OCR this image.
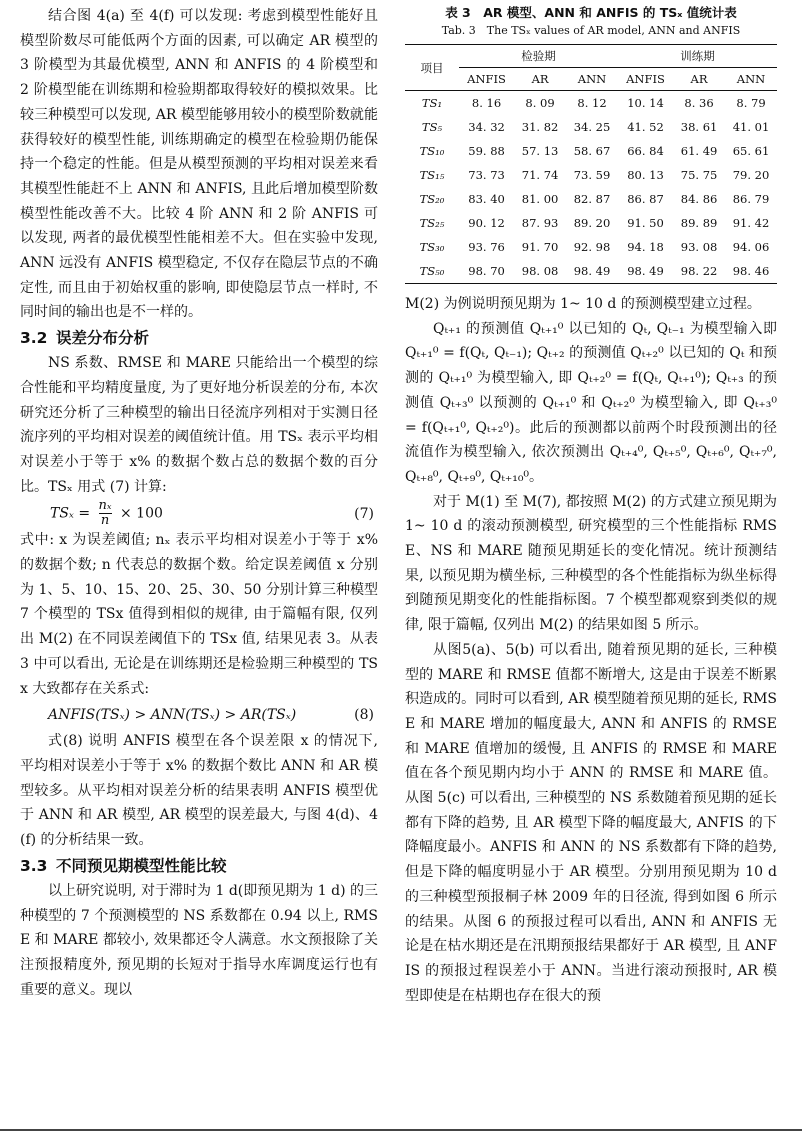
结合图 4(a) 至 4(f) 可以发现: 考虑到模型性能好且模型阶数尽可能低两个方面的因素, 可以确定 AR 模型的 3 阶模型为其最优模型, ANN 和 ANFIS 的 4 阶模型和 2 阶模型能在训练期和检验期都取得较好的模拟效果。比较三种模型可以发现, AR 模型能够用较小的模型阶数就能获得较好的模型性能, 训练期确定的模型在检验期仍能保持一个稳定的性能。但是从模型预测的平均相对误差来看其模型性能赶不上 ANN 和 ANFIS, 且此后增加模型阶数模型性能改善不大。比较 4 阶 ANN 和 2 阶 ANFIS 可以发现, 两者的最优模型性能相差不大。但在实验中发现, ANN 远没有 ANFIS 模型稳定, 不仅存在隐层节点的不确定性, 而且由于初始权重的影响, 即使隐层节点一样时, 不同时间的输出也是不一样的。

3.2 误差分布分析

NS 系数、RMSE 和 MARE 只能给出一个模型的综合性能和平均精度量度, 为了更好地分析误差的分布, 本次研究还分析了三种模型的输出日径流序列相对于实测日径流序列的平均相对误差的阈值统计值。用 TSₓ 表示平均相对误差小于等于 x% 的数据个数占总的数据个数的百分比。TSₓ 用式 (7) 计算:

$TS_x = \frac{\text{nₓ}}{n} \times 100$	(7)

式中: x 为误差阈值; nₓ 表示平均相对误差小于等于 x% 的数据个数; n 代表总的数据个数。给定误差阈值 x 分别为 1、5、10、15、20、25、30、50 分别计算三种模型 7 个模型的 TSx 值得到相似的规律, 由于篇幅有限, 仅列出 M(2) 在不同误差阈值下的 TSx 值, 结果见表 3。从表 3 中可以看出, 无论是在训练期还是检验期三种模型的 TSx 大致都存在关系式:

ANFIS(TSₓ) > ANN(TSₓ) > AR(TSₓ)	(8)

式(8) 说明 ANFIS 模型在各个误差限 x 的情况下, 平均相对误差小于等于 x% 的数据个数比 ANN 和 AR 模型较多。从平均相对误差分析的结果表明 ANFIS 模型优于 ANN 和 AR 模型, AR 模型的误差最大, 与图 4(d)、4(f) 的分析结果一致。

3.3 不同预见期模型性能比较

以上研究说明, 对于滞时为 1 d(即预见期为 1 d) 的三种模型的 7 个预测模型的 NS 系数都在 0.94 以上, RMSE 和 MARE 都较小, 效果都还令人满意。水文预报除了关注预报精度外, 预见期的长短对于指导水库调度运行也有重要的意义。现以

表 3　AR 模型、ANN 和 ANFIS 的 TSₓ 值统计表
Tab. 3　The TSₓ values of AR model, ANN and ANFIS
项目	检验期			训练期		
	ANFIS	AR	ANN	ANFIS	AR	ANN
TS₁	8. 16	8. 09	8. 12	10. 14	8. 36	8. 79
TS₅	34. 32	31. 82	34. 25	41. 52	38. 61	41. 01
TS₁₀	59. 88	57. 13	58. 67	66. 84	61. 49	65. 61
TS₁₅	73. 73	71. 74	73. 59	80. 13	75. 75	79. 20
TS₂₀	83. 40	81. 00	82. 87	86. 87	84. 86	86. 79
TS₂₅	90. 12	87. 93	89. 20	91. 50	89. 89	91. 42
TS₃₀	93. 76	91. 70	92. 98	94. 18	93. 08	94. 06
TS₅₀	98. 70	98. 08	98. 49	98. 49	98. 22	98. 46

M(2) 为例说明预见期为 1~ 10 d 的预测模型建立过程。

Qₜ₊₁ 的预测值 Qₜ₊₁⁰ 以已知的 Qₜ, Qₜ₋₁ 为模型输入即 Qₜ₊₁⁰ = f(Qₜ, Qₜ₋₁); Qₜ₊₂ 的预测值 Qₜ₊₂⁰ 以已知的 Qₜ 和预测的 Qₜ₊₁⁰ 为模型输入, 即 Qₜ₊₂⁰ = f(Qₜ, Qₜ₊₁⁰); Qₜ₊₃ 的预测值 Qₜ₊₃⁰ 以预测的 Qₜ₊₁⁰ 和 Qₜ₊₂⁰ 为模型输入, 即 Qₜ₊₃⁰ = f(Qₜ₊₁⁰, Qₜ₊₂⁰)。此后的预测都以前两个时段预测出的径流值作为模型输入, 依次预测出 Qₜ₊₄⁰, Qₜ₊₅⁰, Qₜ₊₆⁰, Qₜ₊₇⁰, Qₜ₊₈⁰, Qₜ₊₉⁰, Qₜ₊₁₀⁰。

对于 M(1) 至 M(7), 都按照 M(2) 的方式建立预见期为 1~ 10 d 的滚动预测模型, 研究模型的三个性能指标 RMSE、NS 和 MARE 随预见期延长的变化情况。统计预测结果, 以预见期为横坐标, 三种模型的各个性能指标为纵坐标得到随预见期变化的性能指标图。7 个模型都观察到类似的规律, 限于篇幅, 仅列出 M(2) 的结果如图 5 所示。

从图5(a)、5(b) 可以看出, 随着预见期的延长, 三种模型的 MARE 和 RMSE 值都不断增大, 这是由于误差不断累积造成的。同时可以看到, AR 模型随着预见期的延长, RMSE 和 MARE 增加的幅度最大, ANN 和 ANFIS 的 RMSE 和 MARE 值增加的缓慢, 且 ANFIS 的 RMSE 和 MARE 值在各个预见期内均小于 ANN 的 RMSE 和 MARE 值。从图 5(c) 可以看出, 三种模型的 NS 系数随着预见期的延长都有下降的趋势, 且 AR 模型下降的幅度最大, ANFIS 的下降幅度最小。ANFIS 和 ANN 的 NS 系数都有下降的趋势, 但是下降的幅度明显小于 AR 模型。分别用预见期为 10 d 的三种模型预报桐子林 2009 年的日径流, 得到如图 6 所示的结果。从图 6 的预报过程可以看出, ANN 和 ANFIS 无论是在枯水期还是在汛期预报结果都好于 AR 模型, 且 ANFIS 的预报过程误差小于 ANN。当进行滚动预报时, AR 模型即使是在枯期也存在很大的预
